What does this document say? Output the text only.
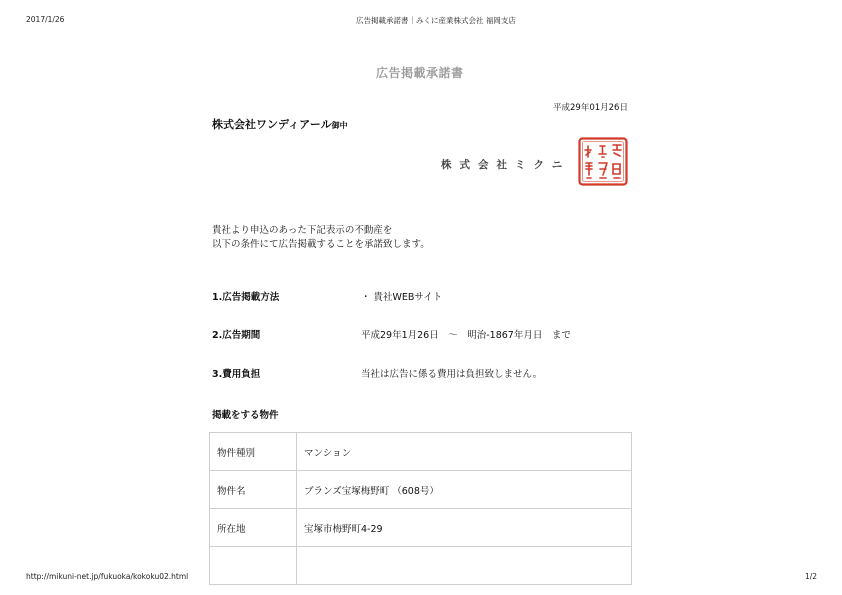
2017/1/26	広告掲載承諾書｜みくに産業株式会社 福岡支店
広告掲載承諾書
平成29年01月26日
株式会社ワンディアール御中
株式会社ミクニ
貴社より申込のあった下記表示の不動産を
以下の条件にて広告掲載することを承諾致します。
1.広告掲載方法	・ 貴社WEBサイト
2.広告期間	平成29年1月26日　～　明治-1867年月日　まで
3.費用負担	当社は広告に係る費用は負担致しません。
掲載をする物件
物件種別	マンション
物件名	ブランズ宝塚梅野町 （608号）
所在地	宝塚市梅野町4-29

http://mikuni-net.jp/fukuoka/kokoku02.html	1/2
